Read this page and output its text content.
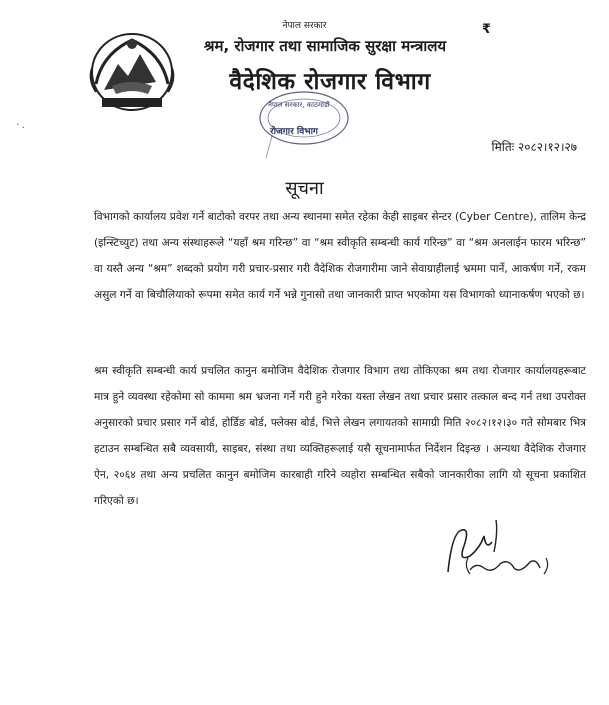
नेपाल सरकार
श्रम, रोजगार तथा सामाजिक सुरक्षा मन्त्रालय
वैदेशिक रोजगार विभाग
नेपाल सरकार, काठमाडौं
रोजगार विभाग
₹
·.
मितिः २०८२।१२।२७
सूचना
विभागको कार्यालय प्रवेश गर्ने बाटोको वरपर तथा अन्य स्थानमा समेत रहेका केही साइबर सेन्टर (Cyber Centre), तालिम केन्द्र (इन्स्टिच्युट) तथा अन्य संस्थाहरूले “यहाँ श्रम गरिन्छ” वा “श्रम स्वीकृति सम्बन्धी कार्य गरिन्छ” वा “श्रम अनलाईन फारम भरिन्छ” वा यस्तै अन्य “श्रम” शब्दको प्रयोग गरी प्रचार-प्रसार गरी वैदेशिक रोजगारीमा जाने सेवाग्राहीलाई भ्रममा पार्ने, आकर्षण गर्ने, रकम असुल गर्ने वा बिचौलियाको रूपमा समेत कार्य गर्ने भन्ने गुनासो तथा जानकारी प्राप्त भएकोमा यस विभागको ध्यानाकर्षण भएको छ।
श्रम स्वीकृति सम्बन्धी कार्य प्रचलित कानुन बमोजिम वैदेशिक रोजगार विभाग तथा तोकिएका श्रम तथा रोजगार कार्यालयहरूबाट मात्र हुने व्यवस्था रहेकोमा सो काममा श्रम भ्रजना गर्ने गरी हुने गरेका यस्ता लेखन तथा प्रचार प्रसार तत्काल बन्द गर्न तथा उपरोक्त अनुसारको प्रचार प्रसार गर्ने बोर्ड, होर्डिङ बोर्ड, फ्लेक्स बोर्ड, भित्ते लेखन लगायतको सामाग्री मिति २०८२।१२।३० गते सोमबार भित्र हटाउन सम्बन्धित सबै व्यवसायी, साइबर, संस्था तथा व्यक्तिहरूलाई यसै सूचनामार्फत निर्देशन दिइन्छ । अन्यथा वैदेशिक रोजगार ऐन, २०६४ तथा अन्य प्रचलित कानुन बमोजिम कारबाही गरिने व्यहोरा सम्बन्धित सबैको जानकारीका लागि यो सूचना प्रकाशित गरिएको छ।
